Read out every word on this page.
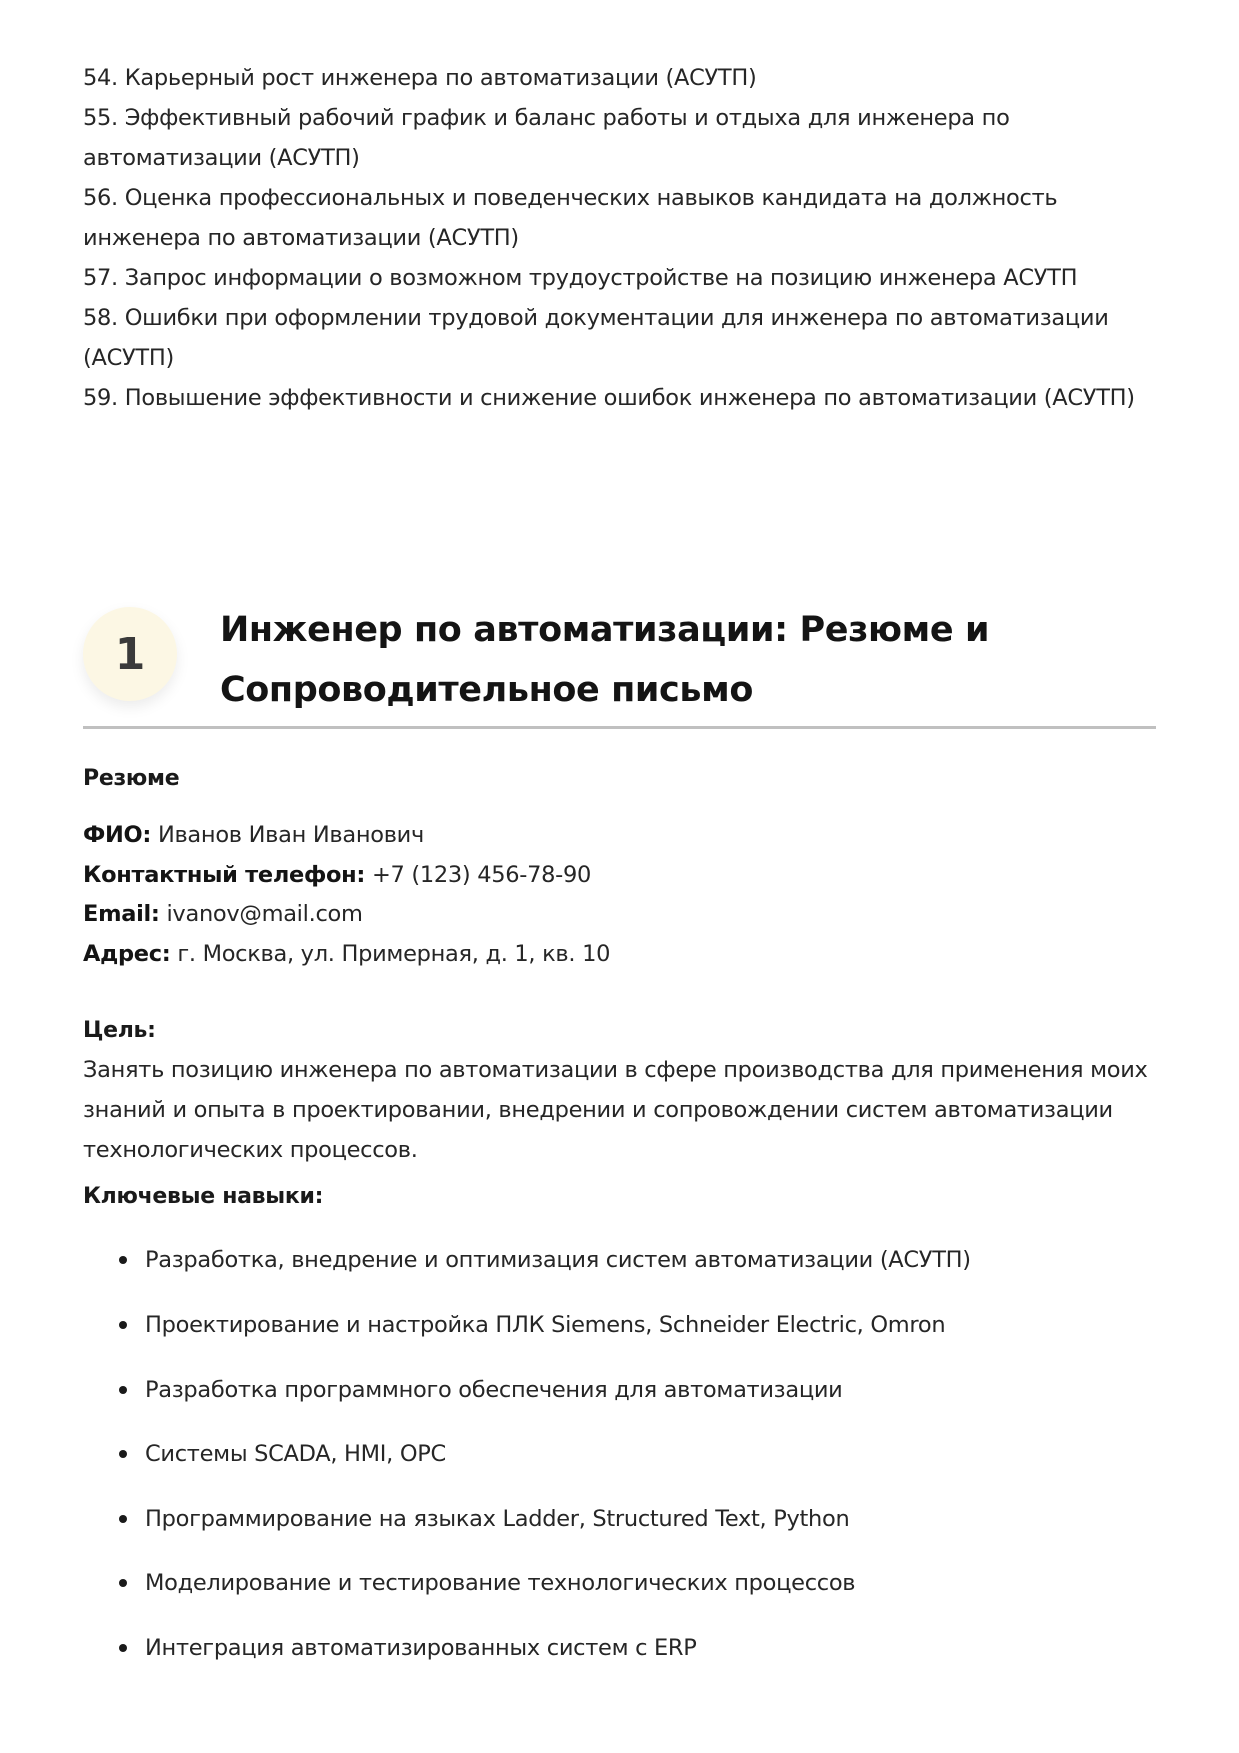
54. Карьерный рост инженера по автоматизации (АСУТП)
55. Эффективный рабочий график и баланс работы и отдыха для инженера по автоматизации (АСУТП)
56. Оценка профессиональных и поведенческих навыков кандидата на должность инженера по автоматизации (АСУТП)
57. Запрос информации о возможном трудоустройстве на позицию инженера АСУТП
58. Ошибки при оформлении трудовой документации для инженера по автоматизации (АСУТП)
59. Повышение эффективности и снижение ошибок инженера по автоматизации (АСУТП)
1	Инженер по автоматизации: Резюме и
Сопроводительное письмо
Резюме
ФИО: Иванов Иван Иванович
Контактный телефон: +7 (123) 456-78-90
Email: ivanov@mail.com
Адрес: г. Москва, ул. Примерная, д. 1, кв. 10
Цель:
Занять позицию инженера по автоматизации в сфере производства для применения моих
знаний и опыта в проектировании, внедрении и сопровождении систем автоматизации
технологических процессов.
Ключевые навыки:
Разработка, внедрение и оптимизация систем автоматизации (АСУТП)
Проектирование и настройка ПЛК Siemens, Schneider Electric, Omron
Разработка программного обеспечения для автоматизации
Системы SCADA, HMI, OPC
Программирование на языках Ladder, Structured Text, Python
Моделирование и тестирование технологических процессов
Интеграция автоматизированных систем с ERP
